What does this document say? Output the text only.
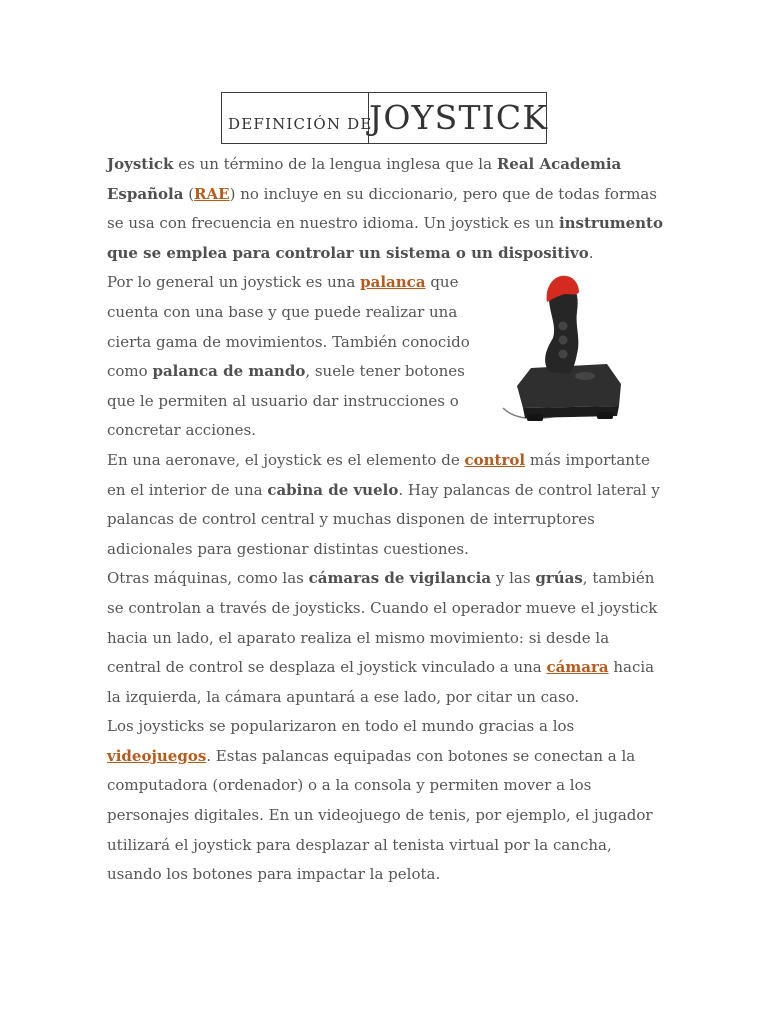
DEFINICIÓN DE
JOYSTICK

Joystick es un término de la lengua inglesa que la Real Academia Española (RAE) no incluye en su diccionario, pero que de todas formas se usa con frecuencia en nuestro idioma. Un joystick es un instrumento que se emplea para controlar un sistema o un dispositivo.

Por lo general un joystick es una palanca que cuenta con una base y que puede realizar una cierta gama de movimientos. También conocido como palanca de mando, suele tener botones que le permiten al usuario dar instrucciones o concretar acciones.

En una aeronave, el joystick es el elemento de control más importante en el interior de una cabina de vuelo. Hay palancas de control lateral y palancas de control central y muchas disponen de interruptores adicionales para gestionar distintas cuestiones.

Otras máquinas, como las cámaras de vigilancia y las grúas, también se controlan a través de joysticks. Cuando el operador mueve el joystick hacia un lado, el aparato realiza el mismo movimiento: si desde la central de control se desplaza el joystick vinculado a una cámara hacia la izquierda, la cámara apuntará a ese lado, por citar un caso.

Los joysticks se popularizaron en todo el mundo gracias a los videojuegos. Estas palancas equipadas con botones se conectan a la computadora (ordenador) o a la consola y permiten mover a los personajes digitales. En un videojuego de tenis, por ejemplo, el jugador utilizará el joystick para desplazar al tenista virtual por la cancha, usando los botones para impactar la pelota.
